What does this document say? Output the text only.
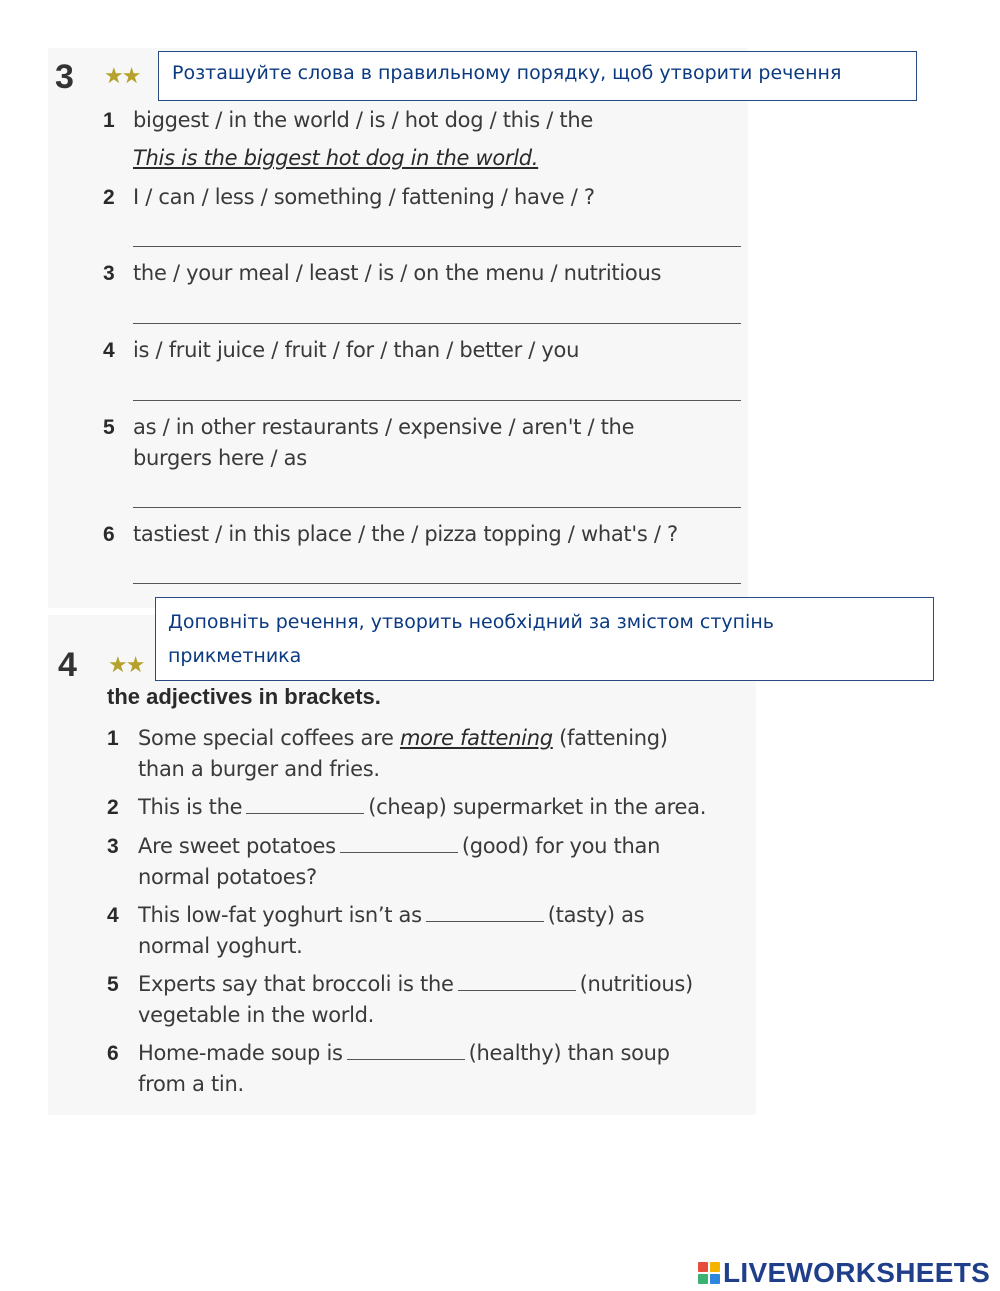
3 ★★	Розташуйте слова в правильному порядку, щоб утворити речення
1 biggest / in the world / is / hot dog / this / the
This is the biggest hot dog in the world.
2 I / can / less / something / fattening / have / ?
3 the / your meal / least / is / on the menu / nutritious
4 is / fruit juice / fruit / for / than / better / you
5 as / in other restaurants / expensive / aren't / the
burgers here / as
6 tastiest / in this place / the / pizza topping / what's / ?
4 ★★
Доповніть речення, утворить необхідний за змістом ступінь прикметника
the adjectives in brackets.
1 Some special coffees are more fattening (fattening)
than a burger and fries.
2 This is the	(cheap) supermarket in the area.
3 Are sweet potatoes	(good) for you than
normal potatoes?
4 This low-fat yoghurt isn’t as	(tasty) as
normal yoghurt.
5 Experts say that broccoli is the	(nutritious)
vegetable in the world.
6 Home-made soup is	(healthy) than soup
from a tin.
LIVEWORKSHEETS
